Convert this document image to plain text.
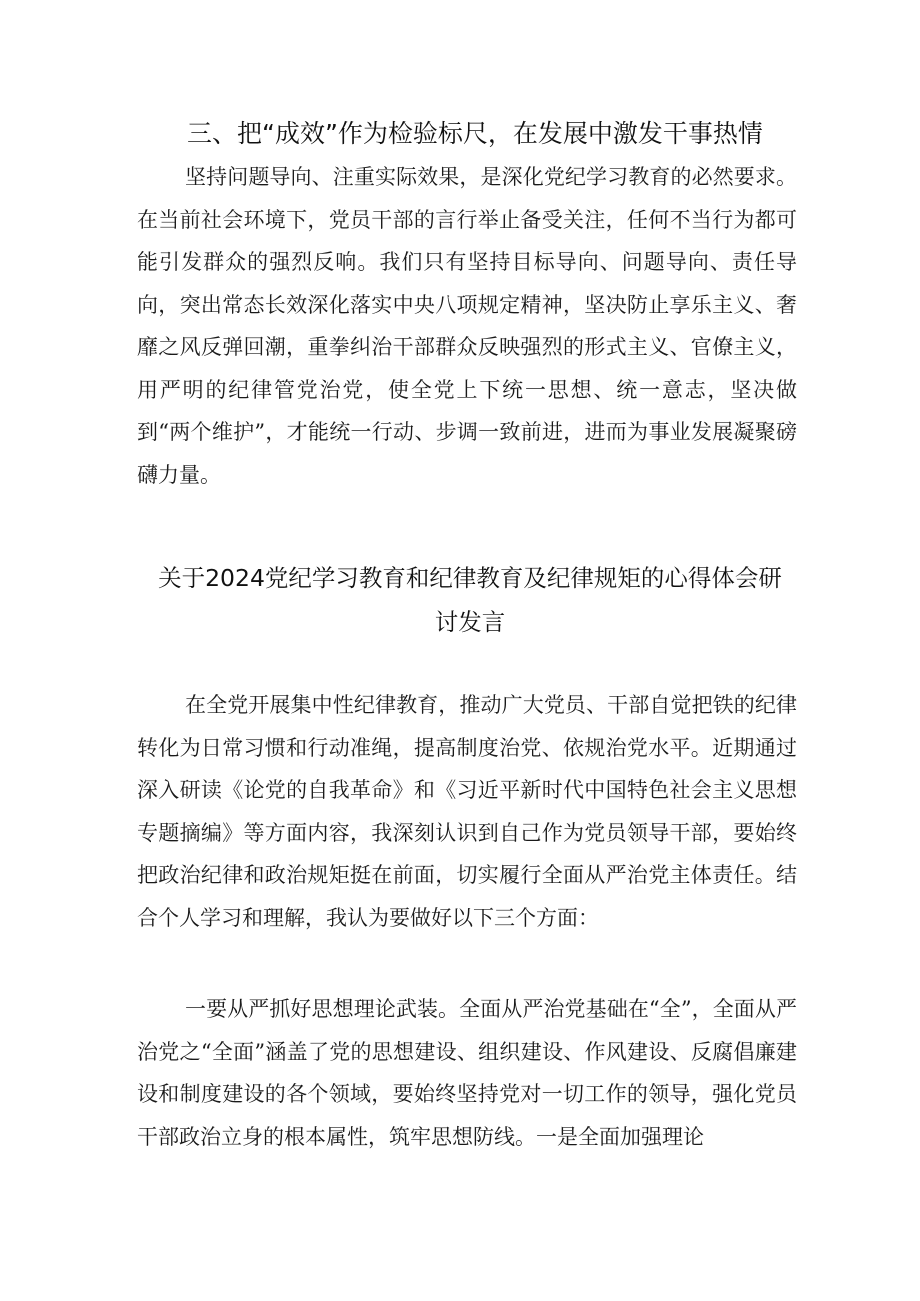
三、把“成效”作为检验标尺，在发展中激发干事热情

坚持问题导向、注重实际效果，是深化党纪学习教育的必然要求。在当前社会环境下，党员干部的言行举止备受关注，任何不当行为都可能引发群众的强烈反响。我们只有坚持目标导向、问题导向、责任导向，突出常态长效深化落实中央八项规定精神，坚决防止享乐主义、奢靡之风反弹回潮，重拳纠治干部群众反映强烈的形式主义、官僚主义，用严明的纪律管党治党，使全党上下统一思想、统一意志，坚决做到“两个维护”，才能统一行动、步调一致前进，进而为事业发展凝聚磅礴力量。

关于2024党纪学习教育和纪律教育及纪律规矩的心得体会研讨发言

在全党开展集中性纪律教育，推动广大党员、干部自觉把铁的纪律转化为日常习惯和行动准绳，提高制度治党、依规治党水平。近期通过深入研读《论党的自我革命》和《习近平新时代中国特色社会主义思想专题摘编》等方面内容，我深刻认识到自己作为党员领导干部，要始终把政治纪律和政治规矩挺在前面，切实履行全面从严治党主体责任。结合个人学习和理解，我认为要做好以下三个方面：

一要从严抓好思想理论武装。全面从严治党基础在“全”，全面从严治党之“全面”涵盖了党的思想建设、组织建设、作风建设、反腐倡廉建设和制度建设的各个领域，要始终坚持党对一切工作的领导，强化党员干部政治立身的根本属性，筑牢思想防线。一是全面加强理论
